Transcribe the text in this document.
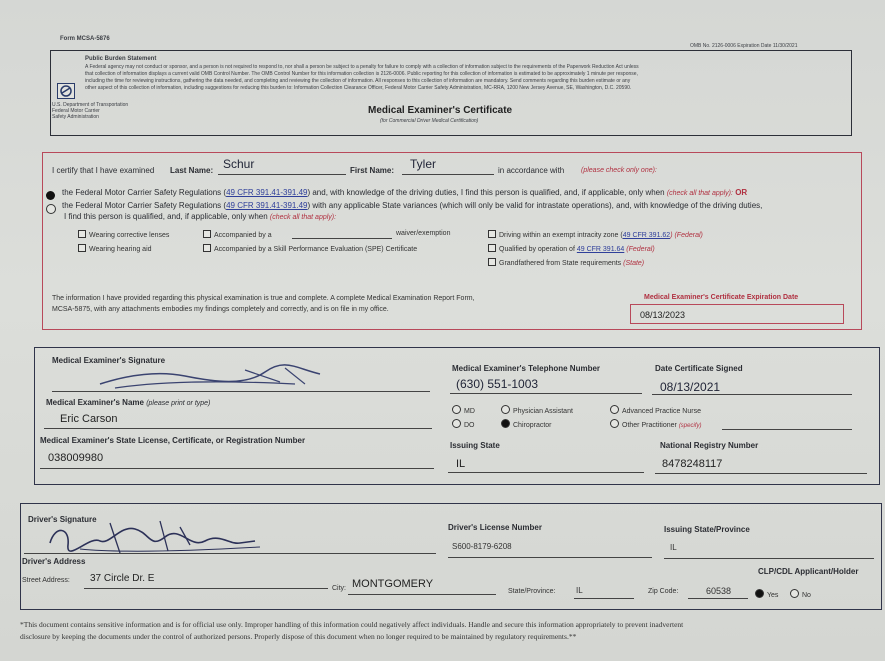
Form MCSA-5876
OMB No. 2126-0006 Expiration Date 11/30/2021
Public Burden Statement
A Federal agency may not conduct or sponsor, and a person is not required to respond to, nor shall a person be subject to a penalty for failure to comply with a collection of information subject to the requirements of the Paperwork Reduction Act unless
that collection of information displays a current valid OMB Control Number. The OMB Control Number for this information collection is 2126-0006. Public reporting for this collection of information is estimated to be approximately 1 minute per response,
including the time for reviewing instructions, gathering the data needed, and completing and reviewing the collection of information. All responses to this collection of information are mandatory. Send comments regarding this burden estimate or any
other aspect of this collection of information, including suggestions for reducing this burden to: Information Collection Clearance Officer, Federal Motor Carrier Safety Administration, MC-RRA, 1200 New Jersey Avenue, SE, Washington, D.C. 20590.
U.S. Department of Transportation
Federal Motor Carrier
Safety Administration
Medical Examiner's Certificate
(for Commercial Driver Medical Certification)
I certify that I have examined Last Name: Schur	First Name: Tyler	in accordance with (please check only one):
the Federal Motor Carrier Safety Regulations (49 CFR 391.41-391.49) and, with knowledge of the driving duties, I find this person is qualified, and, if applicable, only when (check all that apply): OR
the Federal Motor Carrier Safety Regulations (49 CFR 391.41-391.49) with any applicable State variances (which will only be valid for intrastate operations), and, with knowledge of the driving duties,
I find this person is qualified, and, if applicable, only when (check all that apply):
Wearing corrective lenses
Wearing hearing aid
Accompanied by a	waiver/exemption
Accompanied by a Skill Performance Evaluation (SPE) Certificate
Driving within an exempt intracity zone (49 CFR 391.62) (Federal)
Qualified by operation of 49 CFR 391.64 (Federal)
Grandfathered from State requirements (State)
The information I have provided regarding this physical examination is true and complete. A complete Medical Examination Report Form,
MCSA-5875, with any attachments embodies my findings completely and correctly, and is on file in my office.
Medical Examiner's Certificate Expiration Date
08/13/2023
Medical Examiner's Signature
Medical Examiner's Telephone Number
(630) 551-1003
Date Certificate Signed
08/13/2021
Medical Examiner's Name (please print or type)
Eric Carson
MD
DO
Physician Assistant
Chiropractor
Advanced Practice Nurse
Other Practitioner (specify)
Medical Examiner's State License, Certificate, or Registration Number
038009980
Issuing State
IL
National Registry Number
8478248117
Driver's Signature
Driver's License Number
S600-8179-6208
Issuing State/Province
IL
Driver's Address
Street Address: 37 Circle Dr. E
City: MONTGOMERY
State/Province:	IL	Zip Code:	60538
CLP/CDL Applicant/Holder
Yes	No
*This document contains sensitive information and is for official use only. Improper handling of this information could negatively affect individuals. Handle and secure this information appropriately to prevent inadvertent
disclosure by keeping the documents under the control of authorized persons. Properly dispose of this document when no longer required to be maintained by regulatory requirements.**
